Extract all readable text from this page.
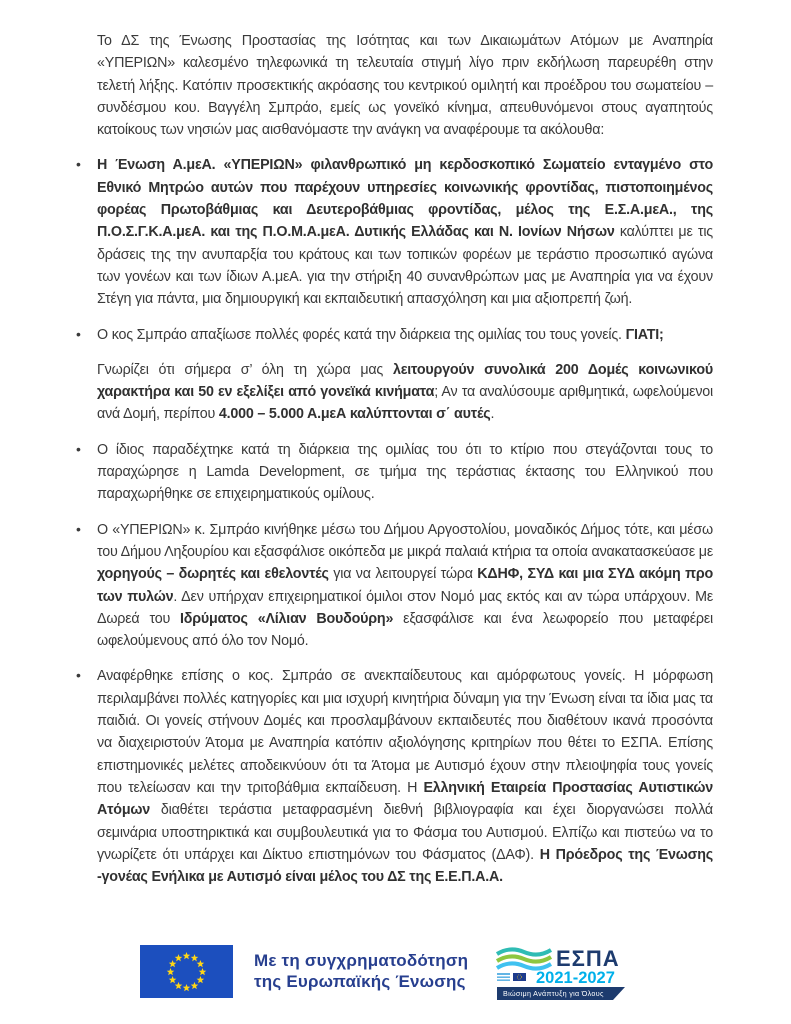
Το ΔΣ της Ένωσης Προστασίας της Ισότητας και των Δικαιωμάτων Ατόμων με Αναπηρία «ΥΠΕΡΙΩΝ» καλεσμένο τηλεφωνικά τη τελευταία στιγμή λίγο πριν εκδήλωση παρευρέθη στην τελετή λήξης. Κατόπιν προσεκτικής ακρόασης του κεντρικού ομιλητή και προέδρου του σωματείου – συνδέσμου κου. Βαγγέλη Σμπράο, εμείς ως γονεϊκό κίνημα, απευθυνόμενοι στους αγαπητούς κατοίκους των νησιών μας αισθανόμαστε την ανάγκη να αναφέρουμε τα ακόλουθα:

• Η Ένωση Α.μεΑ. «ΥΠΕΡΙΩΝ» φιλανθρωπικό μη κερδοσκοπικό Σωματείο ενταγμένο στο Εθνικό Μητρώο αυτών που παρέχουν υπηρεσίες κοινωνικής φροντίδας, πιστοποιημένος φορέας Πρωτοβάθμιας και Δευτεροβάθμιας φροντίδας, μέλος της Ε.Σ.Α.μεΑ., της Π.Ο.Σ.Γ.Κ.Α.μεΑ. και της Π.Ο.Μ.Α.μεΑ. Δυτικής Ελλάδας και Ν. Ιονίων Νήσων καλύπτει με τις δράσεις της την ανυπαρξία του κράτους και των τοπικών φορέων με τεράστιο προσωπικό αγώνα των γονέων και των ίδιων Α.μεΑ. για την στήριξη 40 συνανθρώπων μας με Αναπηρία για να έχουν Στέγη για πάντα, μια δημιουργική και εκπαιδευτική απασχόληση και μια αξιοπρεπή ζωή.
• Ο κος Σμπράο απαξίωσε πολλές φορές κατά την διάρκεια της ομιλίας του τους γονείς. ΓΙΑΤΙ;

Γνωρίζει ότι σήμερα σ’ όλη τη χώρα μας λειτουργούν συνολικά 200 Δομές κοινωνικού χαρακτήρα και 50 εν εξελίξει από γονεϊκά κινήματα; Αν τα αναλύσουμε αριθμητικά, ωφελούμενοι ανά Δομή, περίπου 4.000 – 5.000 Α.μεΑ καλύπτονται σ΄ αυτές.

• Ο ίδιος παραδέχτηκε κατά τη διάρκεια της ομιλίας του ότι το κτίριο που στεγάζονται τους το παραχώρησε η Lamda Development, σε τμήμα της τεράστιας έκτασης του Ελληνικού που παραχωρήθηκε σε επιχειρηματικούς ομίλους.
• Ο «ΥΠΕΡΙΩΝ» κ. Σμπράο κινήθηκε μέσω του Δήμου Αργοστολίου, μοναδικός Δήμος τότε, και μέσω του Δήμου Ληξουρίου και εξασφάλισε οικόπεδα με μικρά παλαιά κτήρια τα οποία ανακατασκεύασε με χορηγούς – δωρητές και εθελοντές για να λειτουργεί τώρα ΚΔΗΦ, ΣΥΔ και μια ΣΥΔ ακόμη προ των πυλών. Δεν υπήρχαν επιχειρηματικοί όμιλοι στον Νομό μας εκτός και αν τώρα υπάρχουν. Με Δωρεά του Ιδρύματος «Λίλιαν Βουδούρη» εξασφάλισε και ένα λεωφορείο που μεταφέρει ωφελούμενους από όλο τον Νομό.
• Αναφέρθηκε επίσης ο κος. Σμπράο σε ανεκπαίδευτους και αμόρφωτους γονείς. Η μόρφωση περιλαμβάνει πολλές κατηγορίες και μια ισχυρή κινητήρια δύναμη για την Ένωση είναι τα ίδια μας τα παιδιά. Οι γονείς στήνουν Δομές και προσλαμβάνουν εκπαιδευτές που διαθέτουν ικανά προσόντα να διαχειριστούν Άτομα με Αναπηρία κατόπιν αξιολόγησης κριτηρίων που θέτει το ΕΣΠΑ. Επίσης επιστημονικές μελέτες αποδεικνύουν ότι τα Άτομα με Αυτισμό έχουν στην πλειοψηφία τους γονείς που τελείωσαν και την τριτοβάθμια εκπαίδευση. Η Ελληνική Εταιρεία Προστασίας Αυτιστικών Ατόμων διαθέτει τεράστια μεταφρασμένη διεθνή βιβλιογραφία και έχει διοργανώσει πολλά σεμινάρια υποστηρικτικά και συμβουλευτικά για το Φάσμα του Αυτισμού. Ελπίζω και πιστεύω να το γνωρίζετε ότι υπάρχει και Δίκτυο επιστημόνων του Φάσματος (ΔΑΦ). Η Πρόεδρος της Ένωσης -γονέας Ενήλικα με Αυτισμό είναι μέλος του ΔΣ της Ε.Ε.Π.Α.Α.
Με τη συγχρηματοδότηση
της Ευρωπαϊκής Ένωσης
ΕΣΠΑ
2021-2027
Βιώσιμη Ανάπτυξη για Όλους
